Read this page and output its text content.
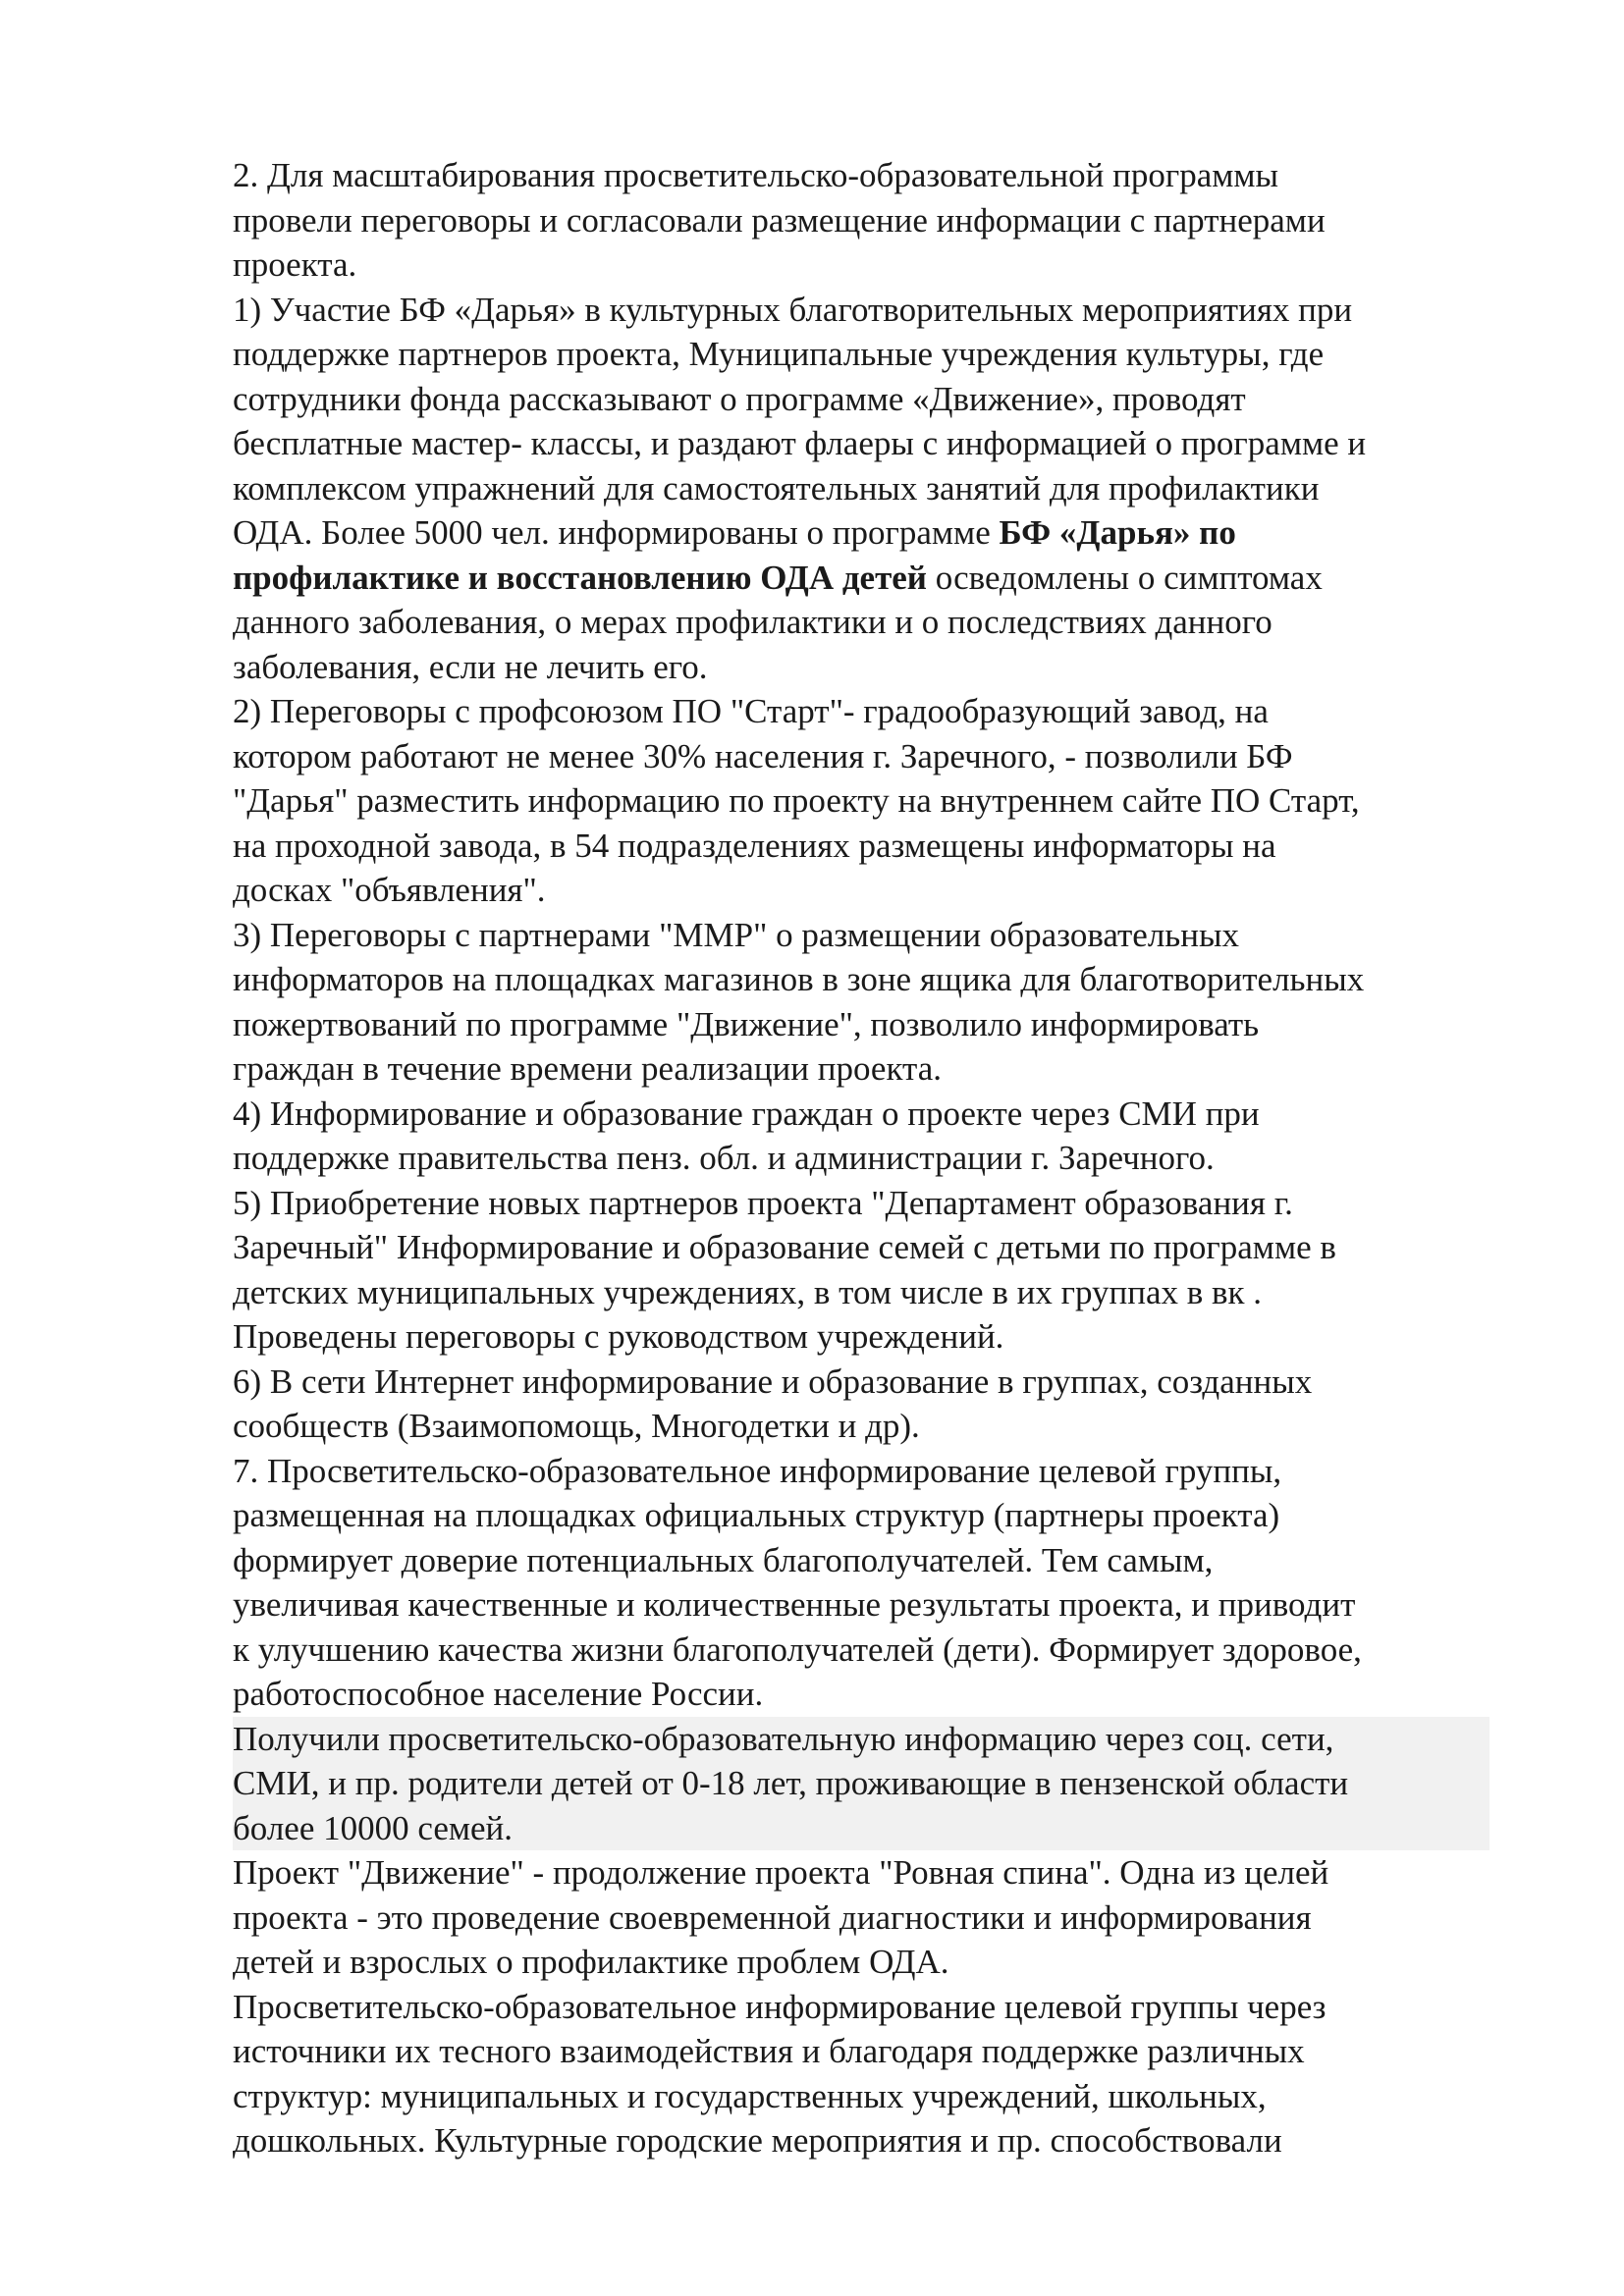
2. Для масштабирования просветительско-образовательной программы
провели переговоры и согласовали размещение информации с партнерами
проекта.
1) Участие БФ «Дарья» в культурных благотворительных мероприятиях при
поддержке партнеров проекта, Муниципальные учреждения культуры, где
сотрудники фонда рассказывают о программе «Движение», проводят
бесплатные мастер- классы, и раздают флаеры с информацией о программе и
комплексом упражнений для самостоятельных занятий для профилактики
ОДА. Более 5000 чел. информированы о программе БФ «Дарья» по
профилактике и восстановлению ОДА детей осведомлены о симптомах
данного заболевания, о мерах профилактики и о последствиях данного
заболевания, если не лечить его.
2) Переговоры с профсоюзом ПО "Старт"- градообразующий завод, на
котором работают не менее 30% населения г. Заречного, - позволили БФ
"Дарья" разместить информацию по проекту на внутреннем сайте ПО Старт,
на проходной завода, в 54 подразделениях размещены информаторы на
досках "объявления".
3) Переговоры с партнерами "ММР" о размещении образовательных
информаторов на площадках магазинов в зоне ящика для благотворительных
пожертвований по программе "Движение", позволило информировать
граждан в течение времени реализации проекта.
4) Информирование и образование граждан о проекте через СМИ при
поддержке правительства пенз. обл. и администрации г. Заречного.
5) Приобретение новых партнеров проекта "Департамент образования г.
Заречный" Информирование и образование семей с детьми по программе в
детских муниципальных учреждениях, в том числе в их группах в вк .
Проведены переговоры с руководством учреждений.
6) В сети Интернет информирование и образование в группах, созданных
сообществ (Взаимопомощь, Многодетки и др).
7. Просветительско-образовательное информирование целевой группы,
размещенная на площадках официальных структур (партнеры проекта)
формирует доверие потенциальных благополучателей. Тем самым,
увеличивая качественные и количественные результаты проекта, и приводит
к улучшению качества жизни благополучателей (дети). Формирует здоровое,
работоспособное население России.
Получили просветительско-образовательную информацию через соц. сети,
СМИ, и пр. родители детей от 0-18 лет, проживающие в пензенской области
более 10000 семей.
Проект "Движение" - продолжение проекта "Ровная спина". Одна из целей
проекта - это проведение своевременной диагностики и информирования
детей и взрослых о профилактике проблем ОДА.
Просветительско-образовательное информирование целевой группы через
источники их тесного взаимодействия и благодаря поддержке различных
структур: муниципальных и государственных учреждений, школьных,
дошкольных. Культурные городские мероприятия и пр. способствовали
